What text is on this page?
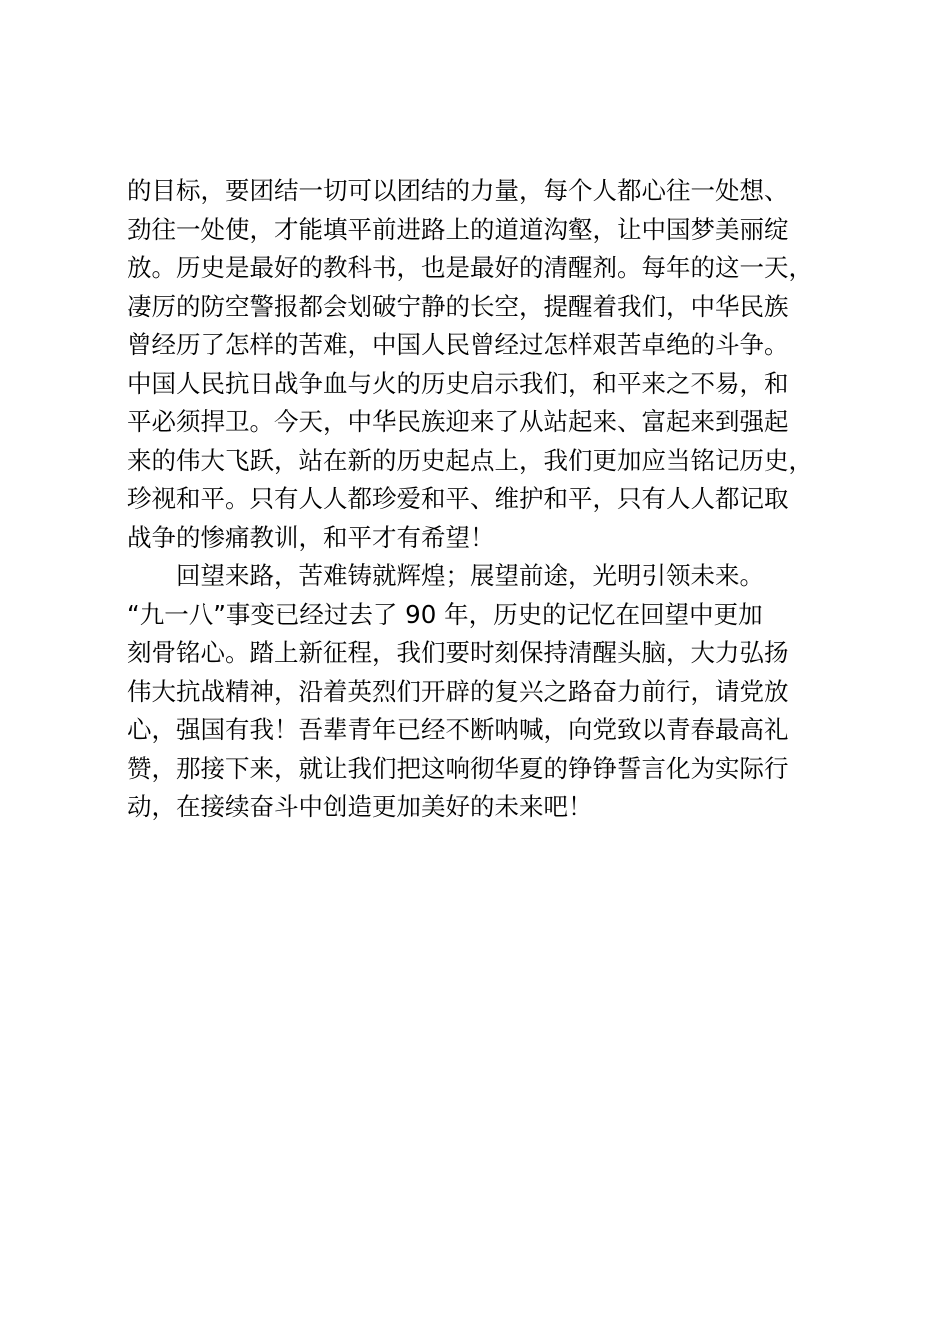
的目标，要团结一切可以团结的力量，每个人都心往一处想、
劲往一处使，才能填平前进路上的道道沟壑，让中国梦美丽绽
放。历史是最好的教科书，也是最好的清醒剂。每年的这一天，
凄厉的防空警报都会划破宁静的长空，提醒着我们，中华民族
曾经历了怎样的苦难，中国人民曾经过怎样艰苦卓绝的斗争。
中国人民抗日战争血与火的历史启示我们，和平来之不易，和
平必须捍卫。今天，中华民族迎来了从站起来、富起来到强起
来的伟大飞跃，站在新的历史起点上，我们更加应当铭记历史，
珍视和平。只有人人都珍爱和平、维护和平，只有人人都记取
战争的惨痛教训，和平才有希望！
　　回望来路，苦难铸就辉煌；展望前途，光明引领未来。
“九一八”事变已经过去了 90 年，历史的记忆在回望中更加
刻骨铭心。踏上新征程，我们要时刻保持清醒头脑，大力弘扬
伟大抗战精神，沿着英烈们开辟的复兴之路奋力前行，请党放
心，强国有我！吾辈青年已经不断呐喊，向党致以青春最高礼
赞，那接下来，就让我们把这响彻华夏的铮铮誓言化为实际行
动，在接续奋斗中创造更加美好的未来吧！
